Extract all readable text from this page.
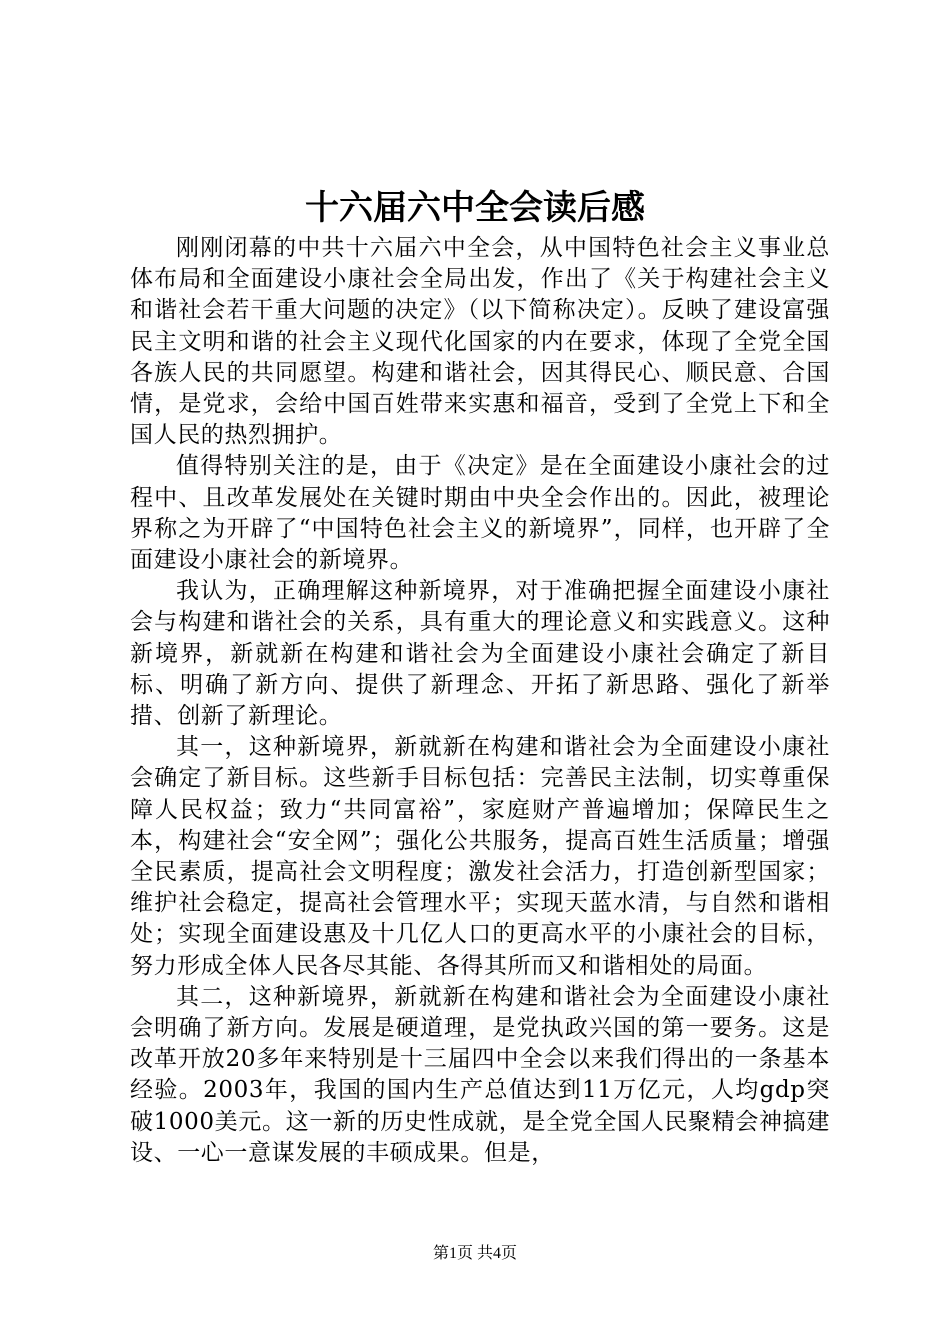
十六届六中全会读后感

刚刚闭幕的中共十六届六中全会，从中国特色社会主义事业总体布局和全面建设小康社会全局出发，作出了《关于构建社会主义和谐社会若干重大问题的决定》（以下简称决定）。反映了建设富强民主文明和谐的社会主义现代化国家的内在要求，体现了全党全国各族人民的共同愿望。构建和谐社会，因其得民心、顺民意、合国情，是党求，会给中国百姓带来实惠和福音，受到了全党上下和全国人民的热烈拥护。

值得特别关注的是，由于《决定》是在全面建设小康社会的过程中、且改革发展处在关键时期由中央全会作出的。因此，被理论界称之为开辟了“中国特色社会主义的新境界”，同样，也开辟了全面建设小康社会的新境界。

我认为，正确理解这种新境界，对于准确把握全面建设小康社会与构建和谐社会的关系，具有重大的理论意义和实践意义。这种新境界，新就新在构建和谐社会为全面建设小康社会确定了新目标、明确了新方向、提供了新理念、开拓了新思路、强化了新举措、创新了新理论。

其一，这种新境界，新就新在构建和谐社会为全面建设小康社会确定了新目标。这些新手目标包括：完善民主法制，切实尊重保障人民权益；致力“共同富裕”，家庭财产普遍增加；保障民生之本，构建社会“安全网”；强化公共服务，提高百姓生活质量；增强全民素质，提高社会文明程度；激发社会活力，打造创新型国家；维护社会稳定，提高社会管理水平；实现天蓝水清，与自然和谐相处；实现全面建设惠及十几亿人口的更高水平的小康社会的目标，努力形成全体人民各尽其能、各得其所而又和谐相处的局面。

其二，这种新境界，新就新在构建和谐社会为全面建设小康社会明确了新方向。发展是硬道理，是党执政兴国的第一要务。这是改革开放20多年来特别是十三届四中全会以来我们得出的一条基本经验。2003年，我国的国内生产总值达到11万亿元，人均gdp突破1000美元。这一新的历史性成就，是全党全国人民聚精会神搞建设、一心一意谋发展的丰硕成果。但是，

第1页 共4页
